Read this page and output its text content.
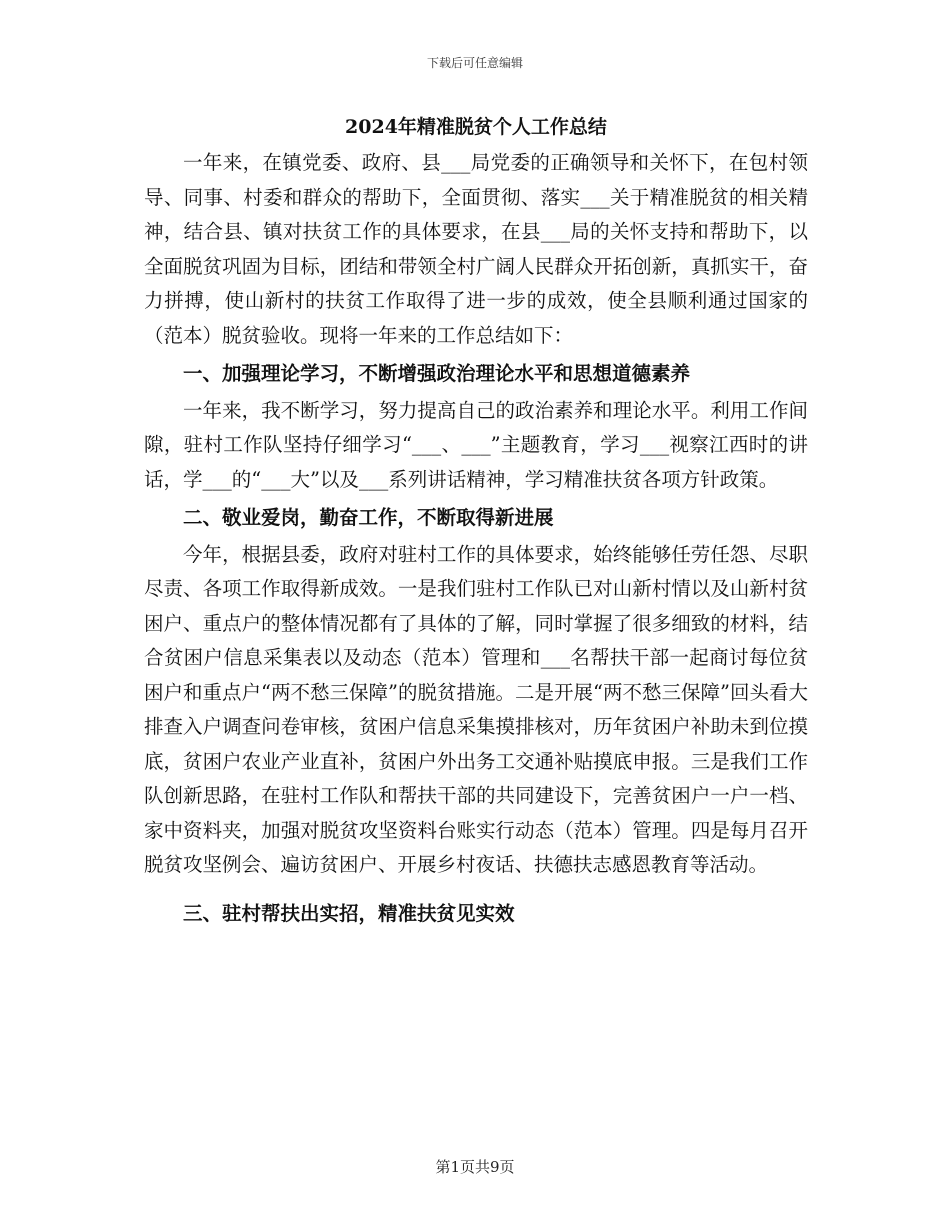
下载后可任意编辑
2024年精准脱贫个人工作总结

一年来，在镇党委、政府、县___局党委的正确领导和关怀下，在包村领导、同事、村委和群众的帮助下，全面贯彻、落实___关于精准脱贫的相关精神，结合县、镇对扶贫工作的具体要求，在县___局的关怀支持和帮助下，以全面脱贫巩固为目标，团结和带领全村广阔人民群众开拓创新，真抓实干，奋力拼搏，使山新村的扶贫工作取得了进一步的成效，使全县顺利通过国家的（范本）脱贫验收。现将一年来的工作总结如下：

一、加强理论学习，不断增强政治理论水平和思想道德素养

一年来，我不断学习，努力提高自己的政治素养和理论水平。利用工作间隙，驻村工作队坚持仔细学习“___、___”主题教育，学习___视察江西时的讲话，学___的“___大”以及___系列讲话精神，学习精准扶贫各项方针政策。

二、敬业爱岗，勤奋工作，不断取得新进展

今年，根据县委，政府对驻村工作的具体要求，始终能够任劳任怨、尽职尽责、各项工作取得新成效。一是我们驻村工作队已对山新村情以及山新村贫困户、重点户的整体情况都有了具体的了解，同时掌握了很多细致的材料，结合贫困户信息采集表以及动态（范本）管理和___名帮扶干部一起商讨每位贫困户和重点户“两不愁三保障”的脱贫措施。二是开展“两不愁三保障”回头看大排查入户调查问卷审核，贫困户信息采集摸排核对，历年贫困户补助未到位摸底，贫困户农业产业直补，贫困户外出务工交通补贴摸底申报。三是我们工作队创新思路，在驻村工作队和帮扶干部的共同建设下，完善贫困户一户一档、家中资料夹，加强对脱贫攻坚资料台账实行动态（范本）管理。四是每月召开脱贫攻坚例会、遍访贫困户、开展乡村夜话、扶德扶志感恩教育等活动。

三、驻村帮扶出实招，精准扶贫见实效
第1页共9页
